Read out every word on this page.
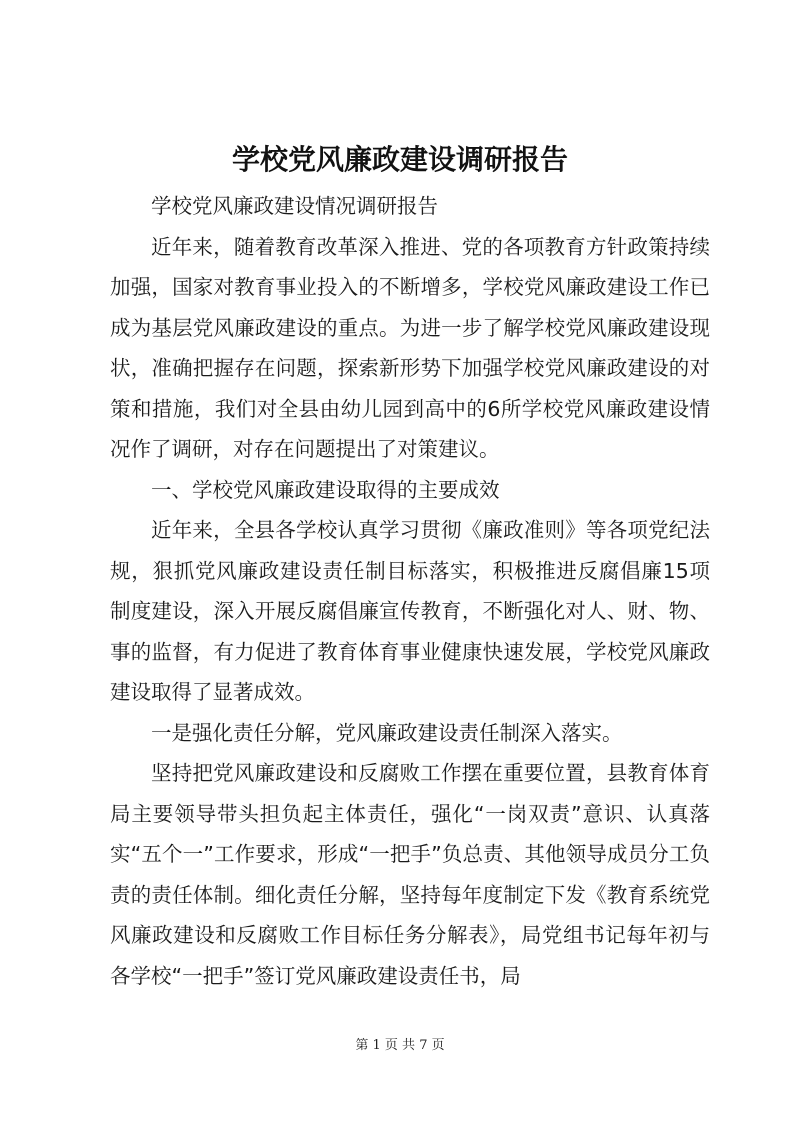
学校党风廉政建设调研报告

学校党风廉政建设情况调研报告

近年来，随着教育改革深入推进、党的各项教育方针政策持续加强，国家对教育事业投入的不断增多，学校党风廉政建设工作已成为基层党风廉政建设的重点。为进一步了解学校党风廉政建设现状，准确把握存在问题，探索新形势下加强学校党风廉政建设的对策和措施，我们对全县由幼儿园到高中的6所学校党风廉政建设情况作了调研，对存在问题提出了对策建议。

一、学校党风廉政建设取得的主要成效

近年来，全县各学校认真学习贯彻《廉政准则》等各项党纪法规，狠抓党风廉政建设责任制目标落实，积极推进反腐倡廉15项制度建设，深入开展反腐倡廉宣传教育，不断强化对人、财、物、事的监督，有力促进了教育体育事业健康快速发展，学校党风廉政建设取得了显著成效。

一是强化责任分解，党风廉政建设责任制深入落实。

坚持把党风廉政建设和反腐败工作摆在重要位置，县教育体育局主要领导带头担负起主体责任，强化“一岗双责”意识、认真落实“五个一”工作要求，形成“一把手”负总责、其他领导成员分工负责的责任体制。细化责任分解，坚持每年度制定下发《教育系统党风廉政建设和反腐败工作目标任务分解表》，局党组书记每年初与各学校“一把手”签订党风廉政建设责任书，局

第 1 页 共 7 页
